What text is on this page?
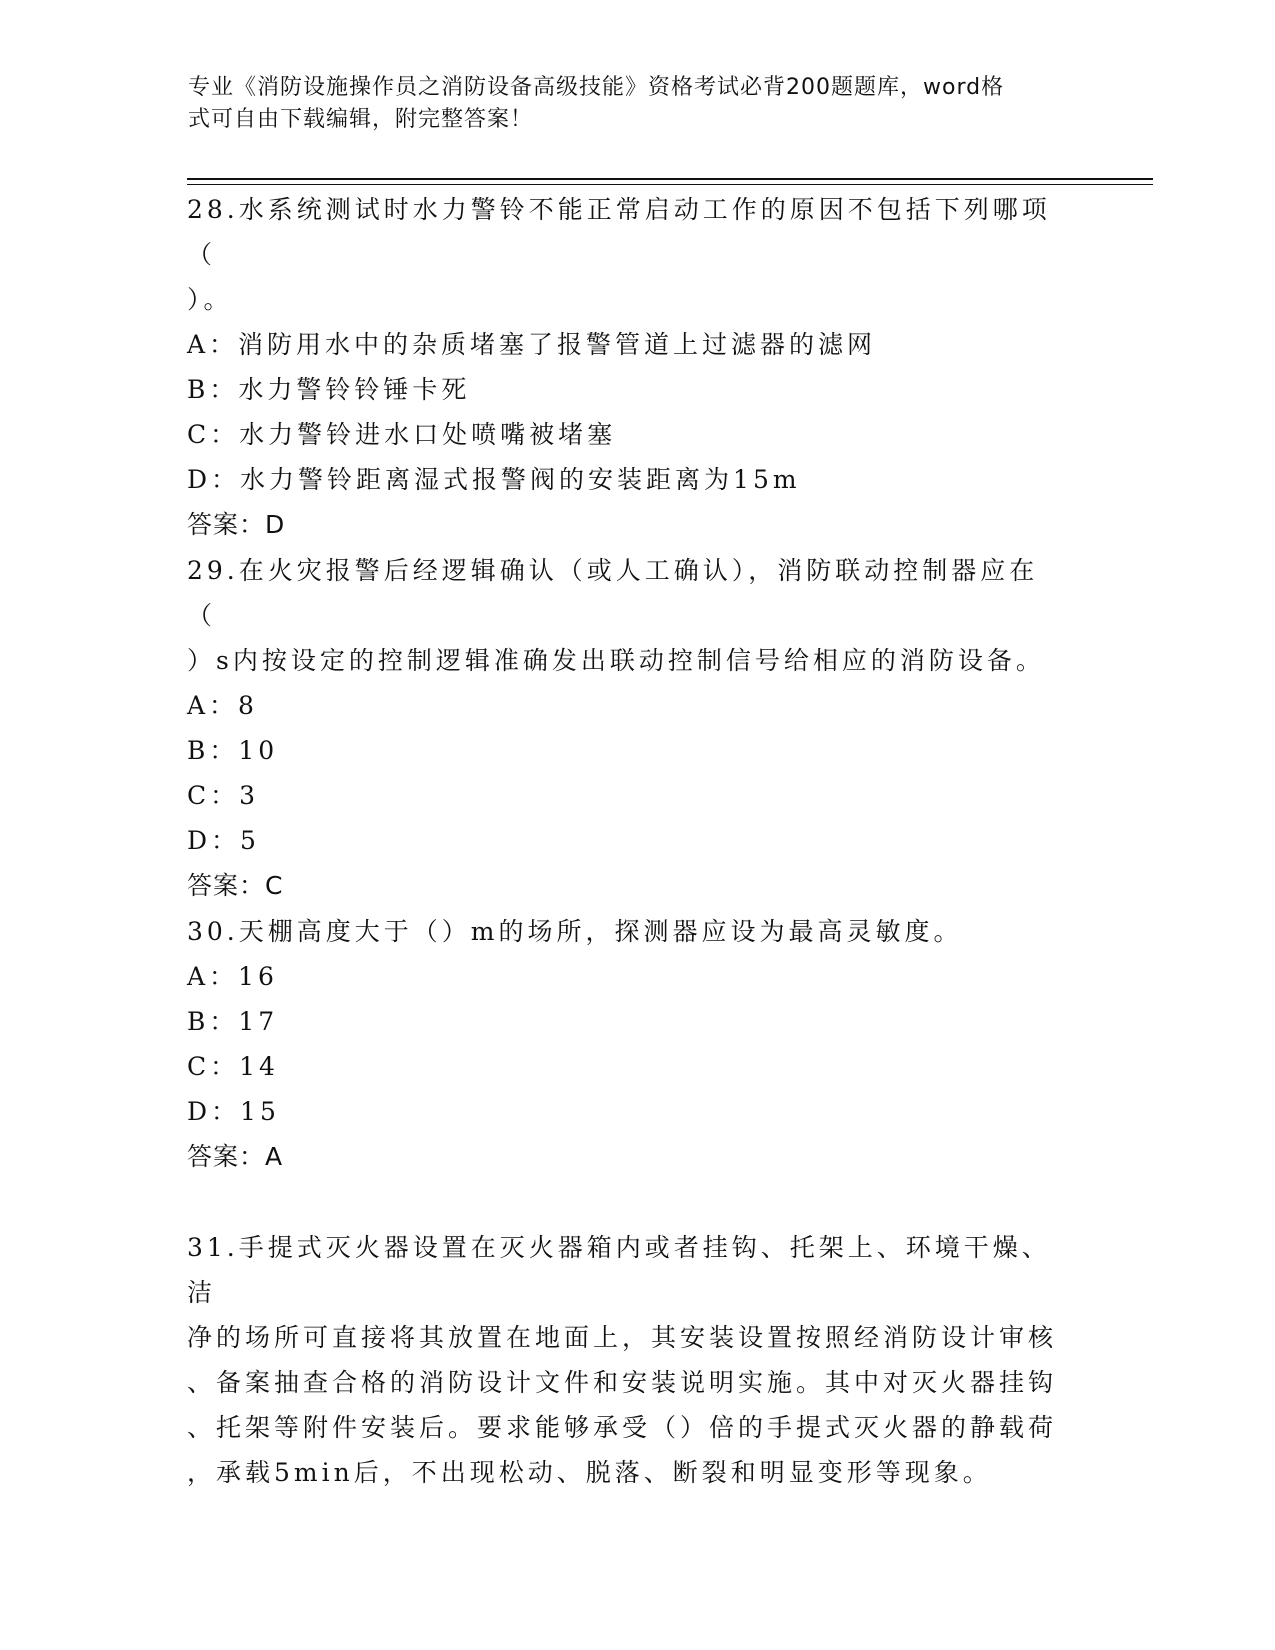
专业《消防设施操作员之消防设备高级技能》资格考试必背200题题库，word格
式可自由下载编辑，附完整答案！

28.水系统测试时水力警铃不能正常启动工作的原因不包括下列哪项（

）。

A：消防用水中的杂质堵塞了报警管道上过滤器的滤网

B：水力警铃铃锤卡死

C：水力警铃进水口处喷嘴被堵塞

D：水力警铃距离湿式报警阀的安装距离为15m

答案：D

29.在火灾报警后经逻辑确认（或人工确认），消防联动控制器应在（

）s内按设定的控制逻辑准确发出联动控制信号给相应的消防设备。

A：8

B：10

C：3

D：5

答案：C

30.天棚高度大于（）m的场所，探测器应设为最高灵敏度。

A：16

B：17

C：14

D：15

答案：A

31.手提式灭火器设置在灭火器箱内或者挂钩、托架上、环境干燥、洁

净的场所可直接将其放置在地面上，其安装设置按照经消防设计审核

、备案抽查合格的消防设计文件和安装说明实施。其中对灭火器挂钩

、托架等附件安装后。要求能够承受（）倍的手提式灭火器的静载荷

，承载5min后，不出现松动、脱落、断裂和明显变形等现象。
